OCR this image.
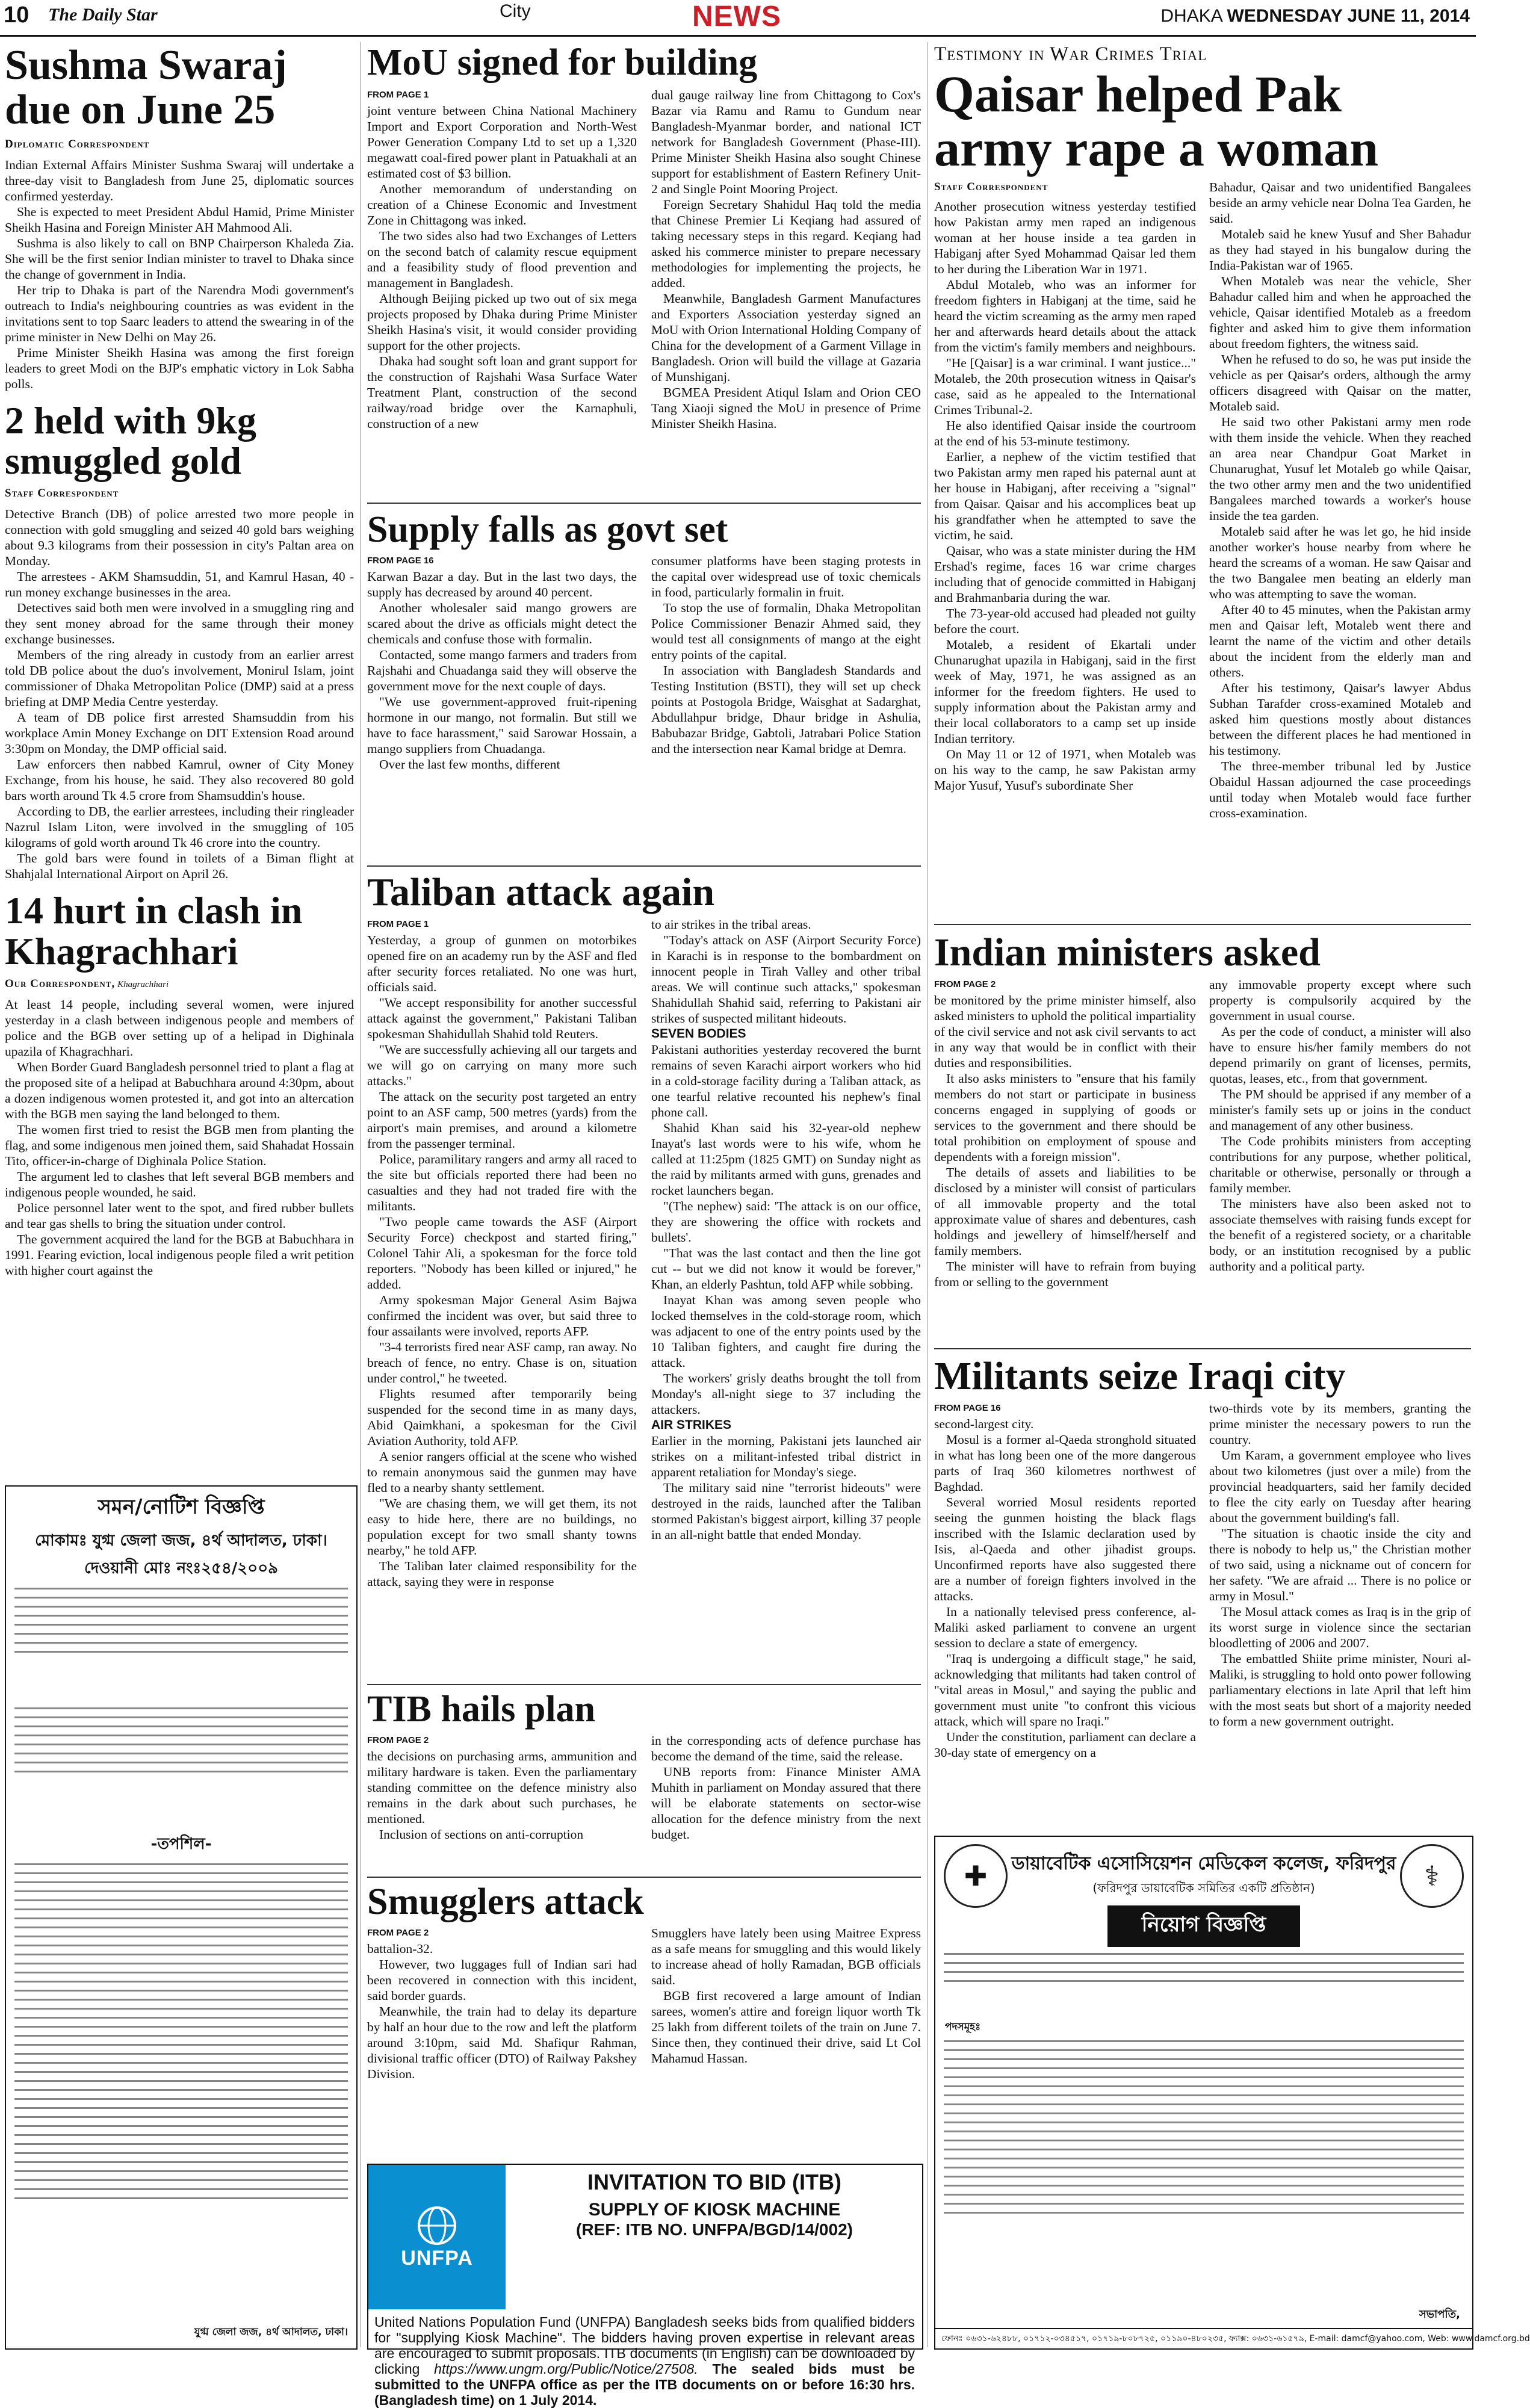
10 The Daily Star	City	NEWS	DHAKA WEDNESDAY JUNE 11, 2014
Sushma Swaraj due on June 25
Diplomatic Correspondent

Indian External Affairs Minister Sushma Swaraj will undertake a three-day visit to Bangladesh from June 25, diplomatic sources confirmed yesterday.

She is expected to meet President Abdul Hamid, Prime Minister Sheikh Hasina and Foreign Minister AH Mahmood Ali.

Sushma is also likely to call on BNP Chairperson Khaleda Zia. She will be the first senior Indian minister to travel to Dhaka since the change of government in India.

Her trip to Dhaka is part of the Narendra Modi government's outreach to India's neighbouring countries as was evident in the invitations sent to top Saarc leaders to attend the swearing in of the prime minister in New Delhi on May 26.

Prime Minister Sheikh Hasina was among the first foreign leaders to greet Modi on the BJP's emphatic victory in Lok Sabha polls.

2 held with 9kg smuggled gold
Staff Correspondent

Detective Branch (DB) of police arrested two more people in connection with gold smuggling and seized 40 gold bars weighing about 9.3 kilograms from their possession in city's Paltan area on Monday.

The arrestees - AKM Shamsuddin, 51, and Kamrul Hasan, 40 - run money exchange businesses in the area.

Detectives said both men were involved in a smuggling ring and they sent money abroad for the same through their money exchange businesses.

Members of the ring already in custody from an earlier arrest told DB police about the duo's involvement, Monirul Islam, joint commissioner of Dhaka Metropolitan Police (DMP) said at a press briefing at DMP Media Centre yesterday.

A team of DB police first arrested Shamsuddin from his workplace Amin Money Exchange on DIT Extension Road around 3:30pm on Monday, the DMP official said.

Law enforcers then nabbed Kamrul, owner of City Money Exchange, from his house, he said. They also recovered 80 gold bars worth around Tk 4.5 crore from Shamsuddin's house.

According to DB, the earlier arrestees, including their ringleader Nazrul Islam Liton, were involved in the smuggling of 105 kilograms of gold worth around Tk 46 crore into the country.

The gold bars were found in toilets of a Biman flight at Shahjalal International Airport on April 26.

14 hurt in clash in Khagrachhari
Our Correspondent, Khagrachhari

At least 14 people, including several women, were injured yesterday in a clash between indigenous people and members of police and the BGB over setting up of a helipad in Dighinala upazila of Khagrachhari.

When Border Guard Bangladesh personnel tried to plant a flag at the proposed site of a helipad at Babuchhara around 4:30pm, about a dozen indigenous women protested it, and got into an altercation with the BGB men saying the land belonged to them.

The women first tried to resist the BGB men from planting the flag, and some indigenous men joined them, said Shahadat Hossain Tito, officer-in-charge of Dighinala Police Station.

The argument led to clashes that left several BGB members and indigenous people wounded, he said.

Police personnel later went to the spot, and fired rubber bullets and tear gas shells to bring the situation under control.

The government acquired the land for the BGB at Babuchhara in 1991. Fearing eviction, local indigenous people filed a writ petition with higher court against the

সমন/নোটিশ বিজ্ঞপ্তি
মোকামঃ যুগ্ম জেলা জজ, ৪র্থ আদালত, ঢাকা।
দেওয়ানী মোঃ নংঃ২৫৪/২০০৯
-তপশিল-
যুগ্ম জেলা জজ, ৪র্থ আদালত, ঢাকা।
MoU signed for building
FROM PAGE 1

joint venture between China National Machinery Import and Export Corporation and North-West Power Generation Company Ltd to set up a 1,320 megawatt coal-fired power plant in Patuakhali at an estimated cost of $3 billion.

Another memorandum of understanding on creation of a Chinese Economic and Investment Zone in Chittagong was inked.

The two sides also had two Exchanges of Letters on the second batch of calamity rescue equipment and a feasibility study of flood prevention and management in Bangladesh.

Although Beijing picked up two out of six mega projects proposed by Dhaka during Prime Minister Sheikh Hasina's visit, it would consider providing support for the other projects.

Dhaka had sought soft loan and grant support for the construction of Rajshahi Wasa Surface Water Treatment Plant, construction of the second railway/road bridge over the Karnaphuli, construction of a new

dual gauge railway line from Chittagong to Cox's Bazar via Ramu and Ramu to Gundum near Bangladesh-Myanmar border, and national ICT network for Bangladesh Government (Phase-III). Prime Minister Sheikh Hasina also sought Chinese support for establishment of Eastern Refinery Unit-2 and Single Point Mooring Project.

Foreign Secretary Shahidul Haq told the media that Chinese Premier Li Keqiang had assured of taking necessary steps in this regard. Keqiang had asked his commerce minister to prepare necessary methodologies for implementing the projects, he added.

Meanwhile, Bangladesh Garment Manufactures and Exporters Association yesterday signed an MoU with Orion International Holding Company of China for the development of a Garment Village in Bangladesh. Orion will build the village at Gazaria of Munshiganj.

BGMEA President Atiqul Islam and Orion CEO Tang Xiaoji signed the MoU in presence of Prime Minister Sheikh Hasina.

Supply falls as govt set
FROM PAGE 16

Karwan Bazar a day. But in the last two days, the supply has decreased by around 40 percent.

Another wholesaler said mango growers are scared about the drive as officials might detect the chemicals and confuse those with formalin.

Contacted, some mango farmers and traders from Rajshahi and Chuadanga said they will observe the government move for the next couple of days.

"We use government-approved fruit-ripening hormone in our mango, not formalin. But still we have to face harassment," said Sarowar Hossain, a mango suppliers from Chuadanga.

Over the last few months, different

consumer platforms have been staging protests in the capital over widespread use of toxic chemicals in food, particularly formalin in fruit.

To stop the use of formalin, Dhaka Metropolitan Police Commissioner Benazir Ahmed said, they would test all consignments of mango at the eight entry points of the capital.

In association with Bangladesh Standards and Testing Institution (BSTI), they will set up check points at Postogola Bridge, Waisghat at Sadarghat, Abdullahpur bridge, Dhaur bridge in Ashulia, Babubazar Bridge, Gabtoli, Jatrabari Police Station and the intersection near Kamal bridge at Demra.

Taliban attack again
FROM PAGE 1

Yesterday, a group of gunmen on motorbikes opened fire on an academy run by the ASF and fled after security forces retaliated. No one was hurt, officials said.

"We accept responsibility for another successful attack against the government," Pakistani Taliban spokesman Shahidullah Shahid told Reuters.

"We are successfully achieving all our targets and we will go on carrying on many more such attacks."

The attack on the security post targeted an entry point to an ASF camp, 500 metres (yards) from the airport's main premises, and around a kilometre from the passenger terminal.

Police, paramilitary rangers and army all raced to the site but officials reported there had been no casualties and they had not traded fire with the militants.

"Two people came towards the ASF (Airport Security Force) checkpost and started firing," Colonel Tahir Ali, a spokesman for the force told reporters. "Nobody has been killed or injured," he added.

Army spokesman Major General Asim Bajwa confirmed the incident was over, but said three to four assailants were involved, reports AFP.

"3-4 terrorists fired near ASF camp, ran away. No breach of fence, no entry. Chase is on, situation under control," he tweeted.

Flights resumed after temporarily being suspended for the second time in as many days, Abid Qaimkhani, a spokesman for the Civil Aviation Authority, told AFP.

A senior rangers official at the scene who wished to remain anonymous said the gunmen may have fled to a nearby shanty settlement.

"We are chasing them, we will get them, its not easy to hide here, there are no buildings, no population except for two small shanty towns nearby," he told AFP.

The Taliban later claimed responsibility for the attack, saying they were in response

to air strikes in the tribal areas.

"Today's attack on ASF (Airport Security Force) in Karachi is in response to the bombardment on innocent people in Tirah Valley and other tribal areas. We will continue such attacks," spokesman Shahidullah Shahid said, referring to Pakistani air strikes of suspected militant hideouts.

SEVEN BODIES

Pakistani authorities yesterday recovered the burnt remains of seven Karachi airport workers who hid in a cold-storage facility during a Taliban attack, as one tearful relative recounted his nephew's final phone call.

Shahid Khan said his 32-year-old nephew Inayat's last words were to his wife, whom he called at 11:25pm (1825 GMT) on Sunday night as the raid by militants armed with guns, grenades and rocket launchers began.

"(The nephew) said: 'The attack is on our office, they are showering the office with rockets and bullets'.

"That was the last contact and then the line got cut -- but we did not know it would be forever," Khan, an elderly Pashtun, told AFP while sobbing.

Inayat Khan was among seven people who locked themselves in the cold-storage room, which was adjacent to one of the entry points used by the 10 Taliban fighters, and caught fire during the attack.

The workers' grisly deaths brought the toll from Monday's all-night siege to 37 including the attackers.

AIR STRIKES

Earlier in the morning, Pakistani jets launched air strikes on a militant-infested tribal district in apparent retaliation for Monday's siege.

The military said nine "terrorist hideouts" were destroyed in the raids, launched after the Taliban stormed Pakistan's biggest airport, killing 37 people in an all-night battle that ended Monday.

TIB hails plan
FROM PAGE 2

the decisions on purchasing arms, ammunition and military hardware is taken. Even the parliamentary standing committee on the defence ministry also remains in the dark about such purchases, he mentioned.

Inclusion of sections on anti-corruption

in the corresponding acts of defence purchase has become the demand of the time, said the release.

UNB reports from: Finance Minister AMA Muhith in parliament on Monday assured that there will be elaborate statements on sector-wise allocation for the defence ministry from the next budget.

Smugglers attack
FROM PAGE 2

battalion-32.

However, two luggages full of Indian sari had been recovered in connection with this incident, said border guards.

Meanwhile, the train had to delay its departure by half an hour due to the row and left the platform around 3:10pm, said Md. Shafiqur Rahman, divisional traffic officer (DTO) of Railway Pakshey Division.

Smugglers have lately been using Maitree Express as a safe means for smuggling and this would likely to increase ahead of holly Ramadan, BGB officials said.

BGB first recovered a large amount of Indian sarees, women's attire and foreign liquor worth Tk 25 lakh from different toilets of the train on June 7. Since then, they continued their drive, said Lt Col Mahamud Hassan.

UNFPA
INVITATION TO BID (ITB)
SUPPLY OF KIOSK MACHINE
(REF: ITB NO. UNFPA/BGD/14/002)
United Nations Population Fund (UNFPA) Bangladesh seeks bids from qualified bidders for "supplying Kiosk Machine". The bidders having proven expertise in relevant areas are encouraged to submit proposals. ITB documents (in English) can be downloaded by clicking https://www.ungm.org/Public/Notice/27508. The sealed bids must be submitted to the UNFPA office as per the ITB documents on or before 16:30 hrs. (Bangladesh time) on 1 July 2014.
Testimony in War Crimes Trial
Qaisar helped Pak army rape a woman
Staff Correspondent

Another prosecution witness yesterday testified how Pakistan army men raped an indigenous woman at her house inside a tea garden in Habiganj after Syed Mohammad Qaisar led them to her during the Liberation War in 1971.

Abdul Motaleb, who was an informer for freedom fighters in Habiganj at the time, said he heard the victim screaming as the army men raped her and afterwards heard details about the attack from the victim's family members and neighbours.

"He [Qaisar] is a war criminal. I want justice..." Motaleb, the 20th prosecution witness in Qaisar's case, said as he appealed to the International Crimes Tribunal-2.

He also identified Qaisar inside the courtroom at the end of his 53-minute testimony.

Earlier, a nephew of the victim testified that two Pakistan army men raped his paternal aunt at her house in Habiganj, after receiving a "signal" from Qaisar. Qaisar and his accomplices beat up his grandfather when he attempted to save the victim, he said.

Qaisar, who was a state minister during the HM Ershad's regime, faces 16 war crime charges including that of genocide committed in Habiganj and Brahmanbaria during the war.

The 73-year-old accused had pleaded not guilty before the court.

Motaleb, a resident of Ekartali under Chunarughat upazila in Habiganj, said in the first week of May, 1971, he was assigned as an informer for the freedom fighters. He used to supply information about the Pakistan army and their local collaborators to a camp set up inside Indian territory.

On May 11 or 12 of 1971, when Motaleb was on his way to the camp, he saw Pakistan army Major Yusuf, Yusuf's subordinate Sher

Bahadur, Qaisar and two unidentified Bangalees beside an army vehicle near Dolna Tea Garden, he said.

Motaleb said he knew Yusuf and Sher Bahadur as they had stayed in his bungalow during the India-Pakistan war of 1965.

When Motaleb was near the vehicle, Sher Bahadur called him and when he approached the vehicle, Qaisar identified Motaleb as a freedom fighter and asked him to give them information about freedom fighters, the witness said.

When he refused to do so, he was put inside the vehicle as per Qaisar's orders, although the army officers disagreed with Qaisar on the matter, Motaleb said.

He said two other Pakistani army men rode with them inside the vehicle. When they reached an area near Chandpur Goat Market in Chunarughat, Yusuf let Motaleb go while Qaisar, the two other army men and the two unidentified Bangalees marched towards a worker's house inside the tea garden.

Motaleb said after he was let go, he hid inside another worker's house nearby from where he heard the screams of a woman. He saw Qaisar and the two Bangalee men beating an elderly man who was attempting to save the woman.

After 40 to 45 minutes, when the Pakistan army men and Qaisar left, Motaleb went there and learnt the name of the victim and other details about the incident from the elderly man and others.

After his testimony, Qaisar's lawyer Abdus Subhan Tarafder cross-examined Motaleb and asked him questions mostly about distances between the different places he had mentioned in his testimony.

The three-member tribunal led by Justice Obaidul Hassan adjourned the case proceedings until today when Motaleb would face further cross-examination.

Indian ministers asked
FROM PAGE 2

be monitored by the prime minister himself, also asked ministers to uphold the political impartiality of the civil service and not ask civil servants to act in any way that would be in conflict with their duties and responsibilities.

It also asks ministers to "ensure that his family members do not start or participate in business concerns engaged in supplying of goods or services to the government and there should be total prohibition on employment of spouse and dependents with a foreign mission".

The details of assets and liabilities to be disclosed by a minister will consist of particulars of all immovable property and the total approximate value of shares and debentures, cash holdings and jewellery of himself/herself and family members.

The minister will have to refrain from buying from or selling to the government

any immovable property except where such property is compulsorily acquired by the government in usual course.

As per the code of conduct, a minister will also have to ensure his/her family members do not depend primarily on grant of licenses, permits, quotas, leases, etc., from that government.

The PM should be apprised if any member of a minister's family sets up or joins in the conduct and management of any other business.

The Code prohibits ministers from accepting contributions for any purpose, whether political, charitable or otherwise, personally or through a family member.

The ministers have also been asked not to associate themselves with raising funds except for the benefit of a registered society, or a charitable body, or an institution recognised by a public authority and a political party.

Militants seize Iraqi city
FROM PAGE 16

second-largest city.

Mosul is a former al-Qaeda stronghold situated in what has long been one of the more dangerous parts of Iraq 360 kilometres northwest of Baghdad.

Several worried Mosul residents reported seeing the gunmen hoisting the black flags inscribed with the Islamic declaration used by Isis, al-Qaeda and other jihadist groups. Unconfirmed reports have also suggested there are a number of foreign fighters involved in the attacks.

In a nationally televised press conference, al-Maliki asked parliament to convene an urgent session to declare a state of emergency.

"Iraq is undergoing a difficult stage," he said, acknowledging that militants had taken control of "vital areas in Mosul," and saying the public and government must unite "to confront this vicious attack, which will spare no Iraqi."

Under the constitution, parliament can declare a 30-day state of emergency on a

two-thirds vote by its members, granting the prime minister the necessary powers to run the country.

Um Karam, a government employee who lives about two kilometres (just over a mile) from the provincial headquarters, said her family decided to flee the city early on Tuesday after hearing about the government building's fall.

"The situation is chaotic inside the city and there is nobody to help us," the Christian mother of two said, using a nickname out of concern for her safety. "We are afraid ... There is no police or army in Mosul."

The Mosul attack comes as Iraq is in the grip of its worst surge in violence since the sectarian bloodletting of 2006 and 2007.

The embattled Shiite prime minister, Nouri al-Maliki, is struggling to hold onto power following parliamentary elections in late April that left him with the most seats but short of a majority needed to form a new government outright.

✚	⚕
ডায়াবেটিক এসোসিয়েশন মেডিকেল কলেজ, ফরিদপুর
(ফরিদপুর ডায়াবেটিক সমিতির একটি প্রতিষ্ঠান)
নিয়োগ বিজ্ঞপ্তি
পদসমূহঃ
সভাপতি,
ফোনঃ ০৬৩১-৬২৪৮৮, ০১৭১২-০৩৪৫১৭, ০১৭১৯-৮০৮৭২৫, ০১১৯০-৪৮০২৩৫, ফ্যাক্স: ০৬৩১-৬১৫৭৯, E-mail: damcf@yahoo.com, Web: www.damcf.org.bd
